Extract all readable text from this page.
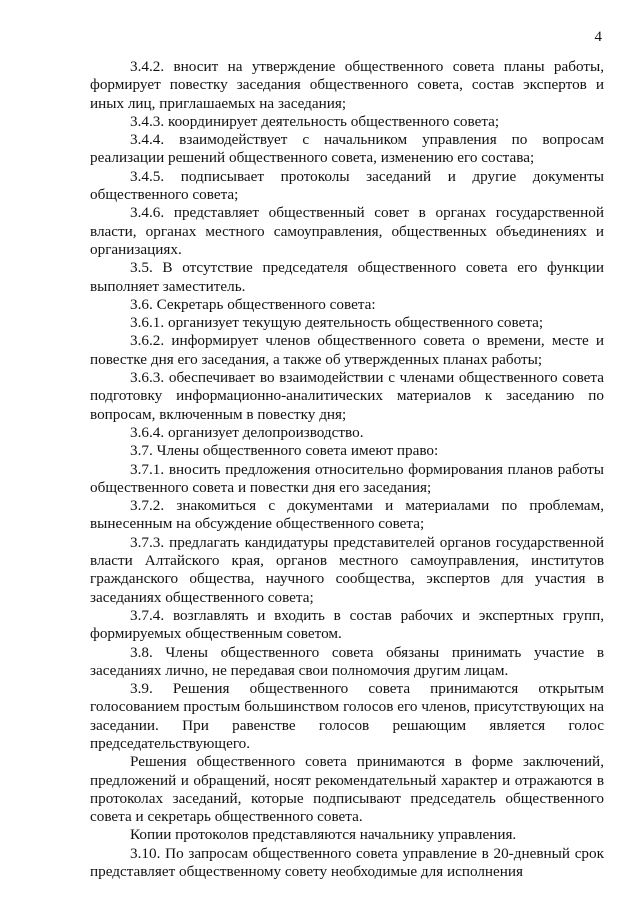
4

3.4.2. вносит на утверждение общественного совета планы работы, формирует повестку заседания общественного совета, состав экспертов и иных лиц, приглашаемых на заседания;

3.4.3. координирует деятельность общественного совета;

3.4.4. взаимодействует с начальником управления по вопросам реализации решений общественного совета, изменению его состава;

3.4.5. подписывает протоколы заседаний и другие документы общественного совета;

3.4.6. представляет общественный совет в органах государственной власти, органах местного самоуправления, общественных объединениях и организациях.

3.5. В отсутствие председателя общественного совета его функции выполняет заместитель.

3.6. Секретарь общественного совета:

3.6.1. организует текущую деятельность общественного совета;

3.6.2. информирует членов общественного совета о времени, месте и повестке дня его заседания, а также об утвержденных планах работы;

3.6.3. обеспечивает во взаимодействии с членами общественного совета подготовку информационно-аналитических материалов к заседанию по вопросам, включенным в повестку дня;

3.6.4. организует делопроизводство.

3.7. Члены общественного совета имеют право:

3.7.1. вносить предложения относительно формирования планов работы общественного совета и повестки дня его заседания;

3.7.2. знакомиться с документами и материалами по проблемам, вынесенным на обсуждение общественного совета;

3.7.3. предлагать кандидатуры представителей органов государственной власти Алтайского края, органов местного самоуправления, институтов гражданского общества, научного сообщества, экспертов для участия в заседаниях общественного совета;

3.7.4. возглавлять и входить в состав рабочих и экспертных групп, формируемых общественным советом.

3.8. Члены общественного совета обязаны принимать участие в заседаниях лично, не передавая свои полномочия другим лицам.

3.9. Решения общественного совета принимаются открытым голосованием простым большинством голосов его членов, присутствующих на заседании. При равенстве голосов решающим является голос председательствующего.

Решения общественного совета принимаются в форме заключений, предложений и обращений, носят рекомендательный характер и отражаются в протоколах заседаний, которые подписывают председатель общественного совета и секретарь общественного совета.

Копии протоколов представляются начальнику управления.

3.10. По запросам общественного совета управление в 20-дневный срок представляет общественному совету необходимые для исполнения
